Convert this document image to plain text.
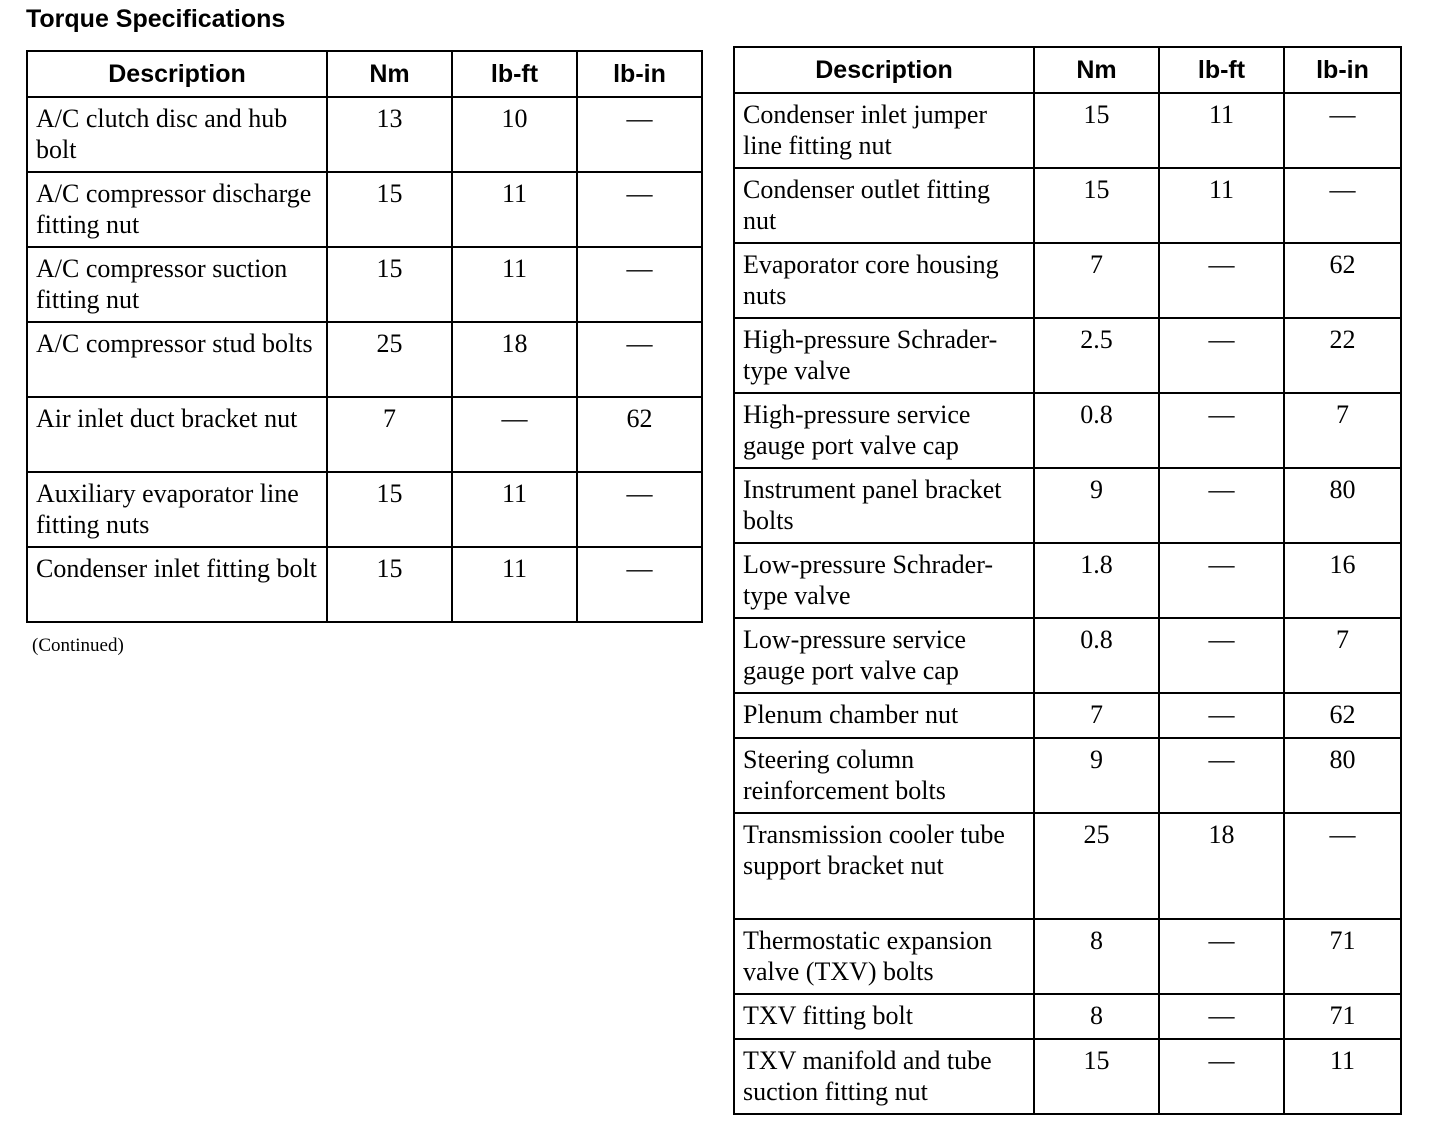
Torque Specifications
Description	Nm	lb-ft	lb-in
A/C clutch disc and hub bolt	13	10	—
A/C compressor discharge fitting nut	15	11	—
A/C compressor suction fitting nut	15	11	—
A/C compressor stud bolts	25	18	—
Air inlet duct bracket nut	7	—	62
Auxiliary evaporator line fitting nuts	15	11	—
Condenser inlet fitting bolt	15	11	—
(Continued)
Description	Nm	lb-ft	lb-in
Condenser inlet jumper line fitting nut	15	11	—
Condenser outlet fitting nut	15	11	—
Evaporator core housing nuts	7	—	62
High-pressure Schrader-type valve	2.5	—	22
High-pressure service gauge port valve cap	0.8	—	7
Instrument panel bracket bolts	9	—	80
Low-pressure Schrader-type valve	1.8	—	16
Low-pressure service gauge port valve cap	0.8	—	7
Plenum chamber nut	7	—	62
Steering column reinforcement bolts	9	—	80
Transmission cooler tube support bracket nut	25	18	—
Thermostatic expansion valve (TXV) bolts	8	—	71
TXV fitting bolt	8	—	71
TXV manifold and tube suction fitting nut	15	—	11
